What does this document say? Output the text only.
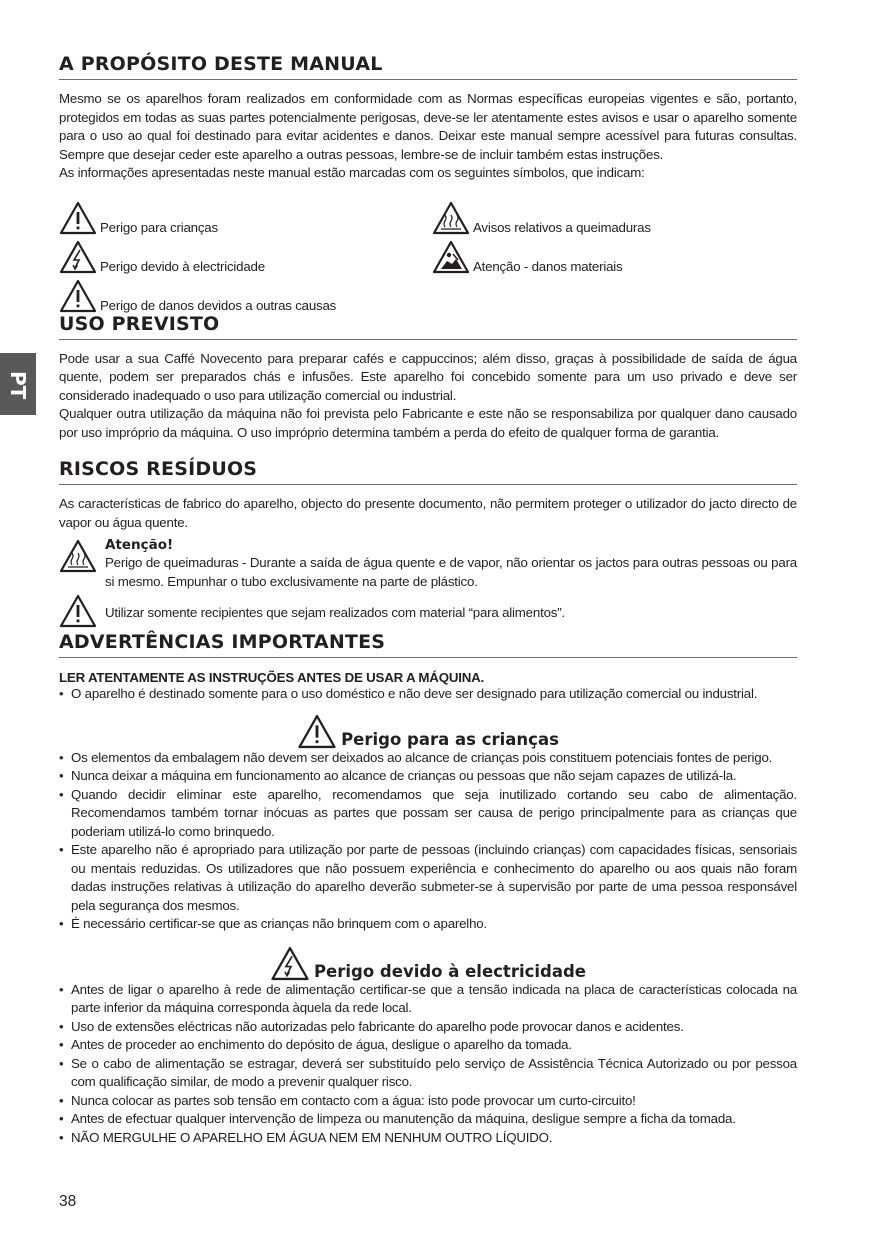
PT
A PROPÓSITO DESTE MANUAL

Mesmo se os aparelhos foram realizados em conformidade com as Normas específicas europeias vigentes e são, portanto, protegidos em todas as suas partes potencialmente perigosas, deve-se ler atentamente estes avisos e usar o aparelho somente para o uso ao qual foi destinado para evitar acidentes e danos. Deixar este manual sempre acessível para futuras consultas. Sempre que desejar ceder este aparelho a outras pessoas, lembre-se de incluir também estas instruções.

As informações apresentadas neste manual estão marcadas com os seguintes símbolos, que indicam:

Perigo para crianças	Avisos relativos a queimaduras
Perigo devido à electricidade	Atenção - danos materiais
Perigo de danos devidos a outras causas
USO PREVISTO

Pode usar a sua Caffé Novecento para preparar cafés e cappuccinos; além disso, graças à possibilidade de saída de água quente, podem ser preparados chás e infusões. Este aparelho foi concebido somente para um uso privado e deve ser considerado inadequado o uso para utilização comercial ou industrial.

Qualquer outra utilização da máquina não foi prevista pelo Fabricante e este não se responsabiliza por qualquer dano causado por uso impróprio da máquina. O uso impróprio determina também a perda do efeito de qualquer forma de garantia.

RISCOS RESÍDUOS

As características de fabrico do aparelho, objecto do presente documento, não permitem proteger o utilizador do jacto directo de vapor ou água quente.

Atenção!

Perigo de queimaduras - Durante a saída de água quente e de vapor, não orientar os jactos para outras pessoas ou para si mesmo. Empunhar o tubo exclusivamente na parte de plástico.

Utilizar somente recipientes que sejam realizados com material “para alimentos”.

ADVERTÊNCIAS IMPORTANTES
LER ATENTAMENTE AS INSTRUÇÕES ANTES DE USAR A MÁQUINA.
• O aparelho é destinado somente para o uso doméstico e não deve ser designado para utilização comercial ou industrial.
Perigo para as crianças
• Os elementos da embalagem não devem ser deixados ao alcance de crianças pois constituem potenciais fontes de perigo.
• Nunca deixar a máquina em funcionamento ao alcance de crianças ou pessoas que não sejam capazes de utilizá-la.
• Quando decidir eliminar este aparelho, recomendamos que seja inutilizado cortando seu cabo de alimentação. Recomendamos também tornar inócuas as partes que possam ser causa de perigo principalmente para as crianças que poderiam utilizá-lo como brinquedo.
• Este aparelho não é apropriado para utilização por parte de pessoas (incluindo crianças) com capacidades físicas, sensoriais ou mentais reduzidas. Os utilizadores que não possuem experiência e conhecimento do aparelho ou aos quais não foram dadas instruções relativas à utilização do aparelho deverão submeter-se à supervisão por parte de uma pessoa responsável pela segurança dos mesmos.
• É necessário certificar-se que as crianças não brinquem com o aparelho.
Perigo devido à electricidade
• Antes de ligar o aparelho à rede de alimentação certificar-se que a tensão indicada na placa de características colocada na parte inferior da máquina corresponda àquela da rede local.
• Uso de extensões eléctricas não autorizadas pelo fabricante do aparelho pode provocar danos e acidentes.
• Antes de proceder ao enchimento do depósito de água, desligue o aparelho da tomada.
• Se o cabo de alimentação se estragar, deverá ser substituído pelo serviço de Assistência Técnica Autorizado ou por pessoa com qualificação similar, de modo a prevenir qualquer risco.
• Nunca colocar as partes sob tensão em contacto com a água: isto pode provocar um curto-circuito!
• Antes de efectuar qualquer intervenção de limpeza ou manutenção da máquina, desligue sempre a ficha da tomada.
• NÃO MERGULHE O APARELHO EM ÁGUA NEM EM NENHUM OUTRO LÍQUIDO.
38
